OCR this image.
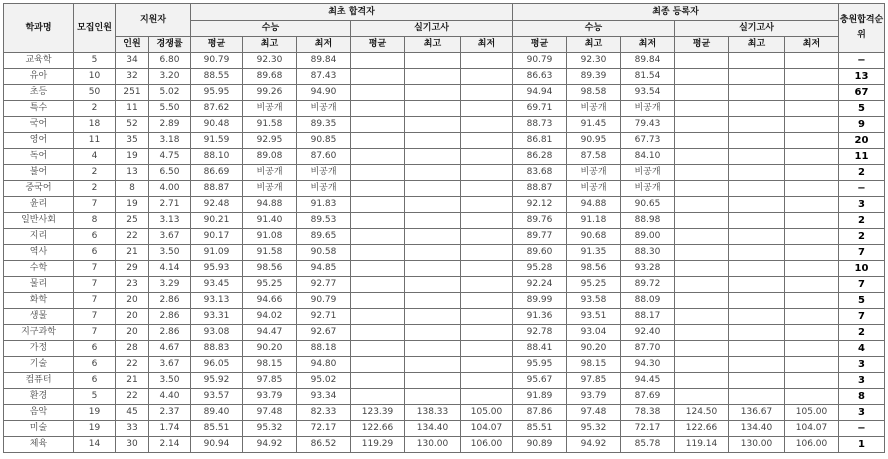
학과명	모집인원	지원자		최초 합격자						최종 등록자						충원합격순위
				수능			실기고사			수능			실기고사			
		인원	경쟁률	평균	최고	최저	평균	최고	최저	평균	최고	최저	평균	최고	최저	
교육학	5	34	6.80	90.79	92.30	89.84				90.79	92.30	89.84				−
유아	10	32	3.20	88.55	89.68	87.43				86.63	89.39	81.54				13
초등	50	251	5.02	95.95	99.26	94.90				94.94	98.58	93.54				67
특수	2	11	5.50	87.62	비공개	비공개				69.71	비공개	비공개				5
국어	18	52	2.89	90.48	91.58	89.35				88.73	91.45	79.43				9
영어	11	35	3.18	91.59	92.95	90.85				86.81	90.95	67.73				20
독어	4	19	4.75	88.10	89.08	87.60				86.28	87.58	84.10				11
불어	2	13	6.50	86.69	비공개	비공개				83.68	비공개	비공개				2
중국어	2	8	4.00	88.87	비공개	비공개				88.87	비공개	비공개				−
윤리	7	19	2.71	92.48	94.88	91.83				92.12	94.88	90.65				3
일반사회	8	25	3.13	90.21	91.40	89.53				89.76	91.18	88.98				2
지리	6	22	3.67	90.17	91.08	89.65				89.77	90.68	89.00				2
역사	6	21	3.50	91.09	91.58	90.58				89.60	91.35	88.30				7
수학	7	29	4.14	95.93	98.56	94.85				95.28	98.56	93.28				10
물리	7	23	3.29	93.45	95.25	92.77				92.24	95.25	89.72				7
화학	7	20	2.86	93.13	94.66	90.79				89.99	93.58	88.09				5
생물	7	20	2.86	93.31	94.02	92.71				91.36	93.51	88.17				7
지구과학	7	20	2.86	93.08	94.47	92.67				92.78	93.04	92.40				2
가정	6	28	4.67	88.83	90.20	88.18				88.41	90.20	87.70				4
기술	6	22	3.67	96.05	98.15	94.80				95.95	98.15	94.30				3
컴퓨터	6	21	3.50	95.92	97.85	95.02				95.67	97.85	94.45				3
환경	5	22	4.40	93.57	93.79	93.34				91.89	93.79	87.69				8
음악	19	45	2.37	89.40	97.48	82.33	123.39	138.33	105.00	87.86	97.48	78.38	124.50	136.67	105.00	3
미술	19	33	1.74	85.51	95.32	72.17	122.66	134.40	104.07	85.51	95.32	72.17	122.66	134.40	104.07	−
체육	14	30	2.14	90.94	94.92	86.52	119.29	130.00	106.00	90.89	94.92	85.78	119.14	130.00	106.00	1
